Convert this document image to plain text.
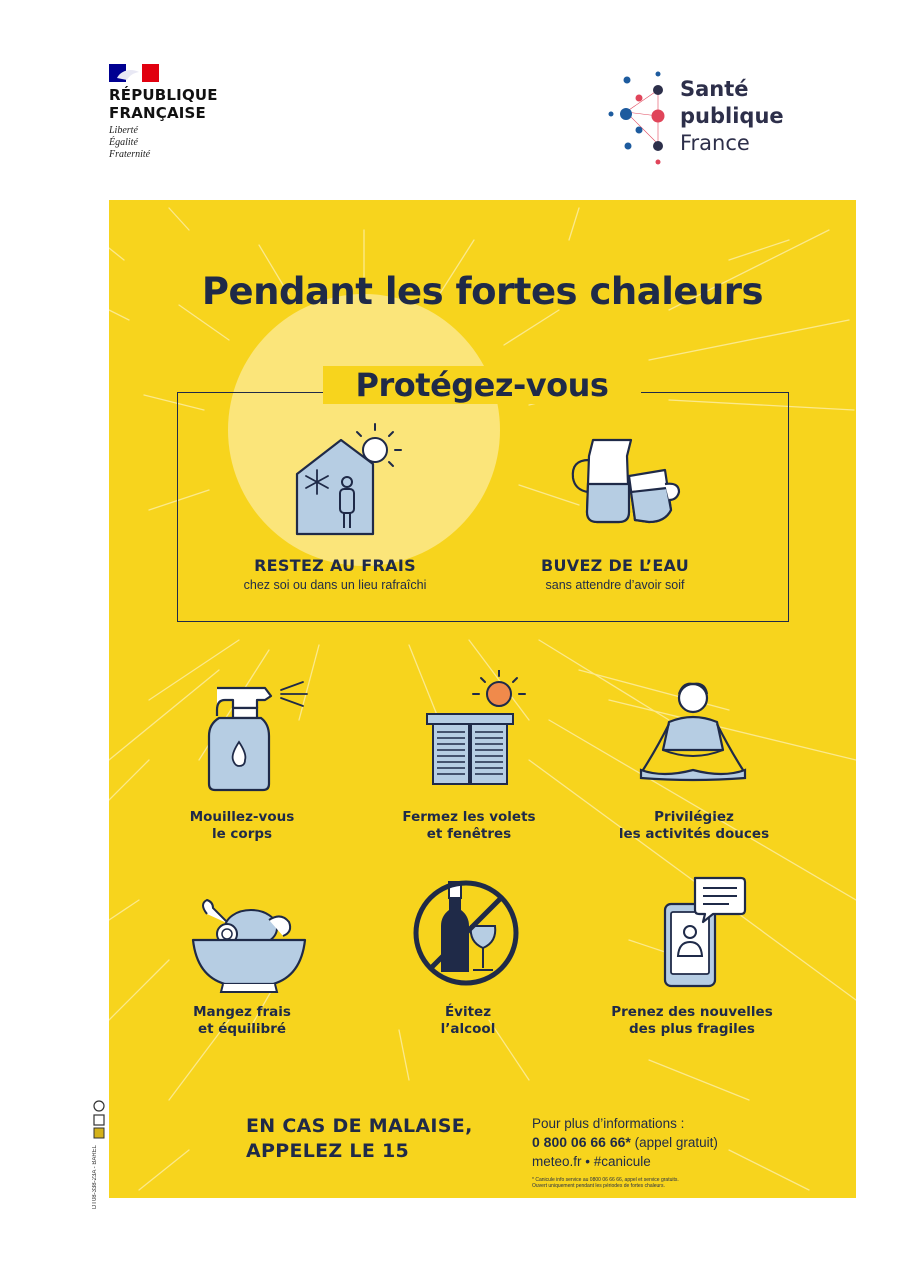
RÉPUBLIQUE
FRANÇAISE
Liberté
Égalité
Fraternité
Santé
publique
France
Pendant les fortes chaleurs
Protégez-vous
RESTEZ AU FRAIS
chez soi ou dans un lieu rafraîchi
BUVEZ DE L’EAU
sans attendre d’avoir soif
Mouillez-vous
le corps
Fermez les volets
et fenêtres
Privilégiez
les activités douces
Mangez frais
et équilibré
Évitez
l’alcool
Prenez des nouvelles
des plus fragiles
EN CAS DE MALAISE,
APPELEZ LE 15
Pour plus d’informations :
0 800 06 66 66* (appel gratuit)
meteo.fr • #canicule
* Canicule info service au 0800 06 66 66, appel et service gratuits.
Ouvert uniquement pendant les périodes de fortes chaleurs.
DT08-338-23A - BAREL
